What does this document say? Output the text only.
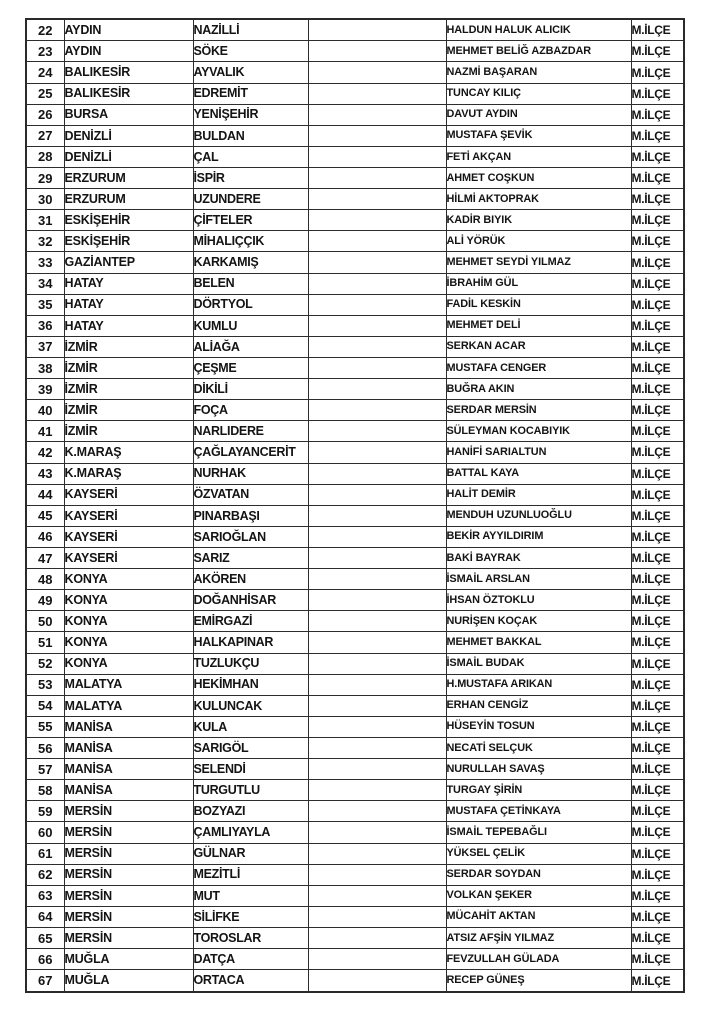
22	AYDIN	NAZİLLİ		HALDUN HALUK ALICIK	M.İLÇE
23	AYDIN	SÖKE		MEHMET BELİĞ AZBAZDAR	M.İLÇE
24	BALIKESİR	AYVALIK		NAZMİ BAŞARAN	M.İLÇE
25	BALIKESİR	EDREMİT		TUNCAY KILIÇ	M.İLÇE
26	BURSA	YENİŞEHİR		DAVUT AYDIN	M.İLÇE
27	DENİZLİ	BULDAN		MUSTAFA ŞEVİK	M.İLÇE
28	DENİZLİ	ÇAL		FETİ AKÇAN	M.İLÇE
29	ERZURUM	İSPİR		AHMET COŞKUN	M.İLÇE
30	ERZURUM	UZUNDERE		HİLMİ AKTOPRAK	M.İLÇE
31	ESKİŞEHİR	ÇİFTELER		KADİR BIYIK	M.İLÇE
32	ESKİŞEHİR	MİHALIÇÇIK		ALİ YÖRÜK	M.İLÇE
33	GAZİANTEP	KARKAMIŞ		MEHMET SEYDİ YILMAZ	M.İLÇE
34	HATAY	BELEN		İBRAHİM GÜL	M.İLÇE
35	HATAY	DÖRTYOL		FADİL KESKİN	M.İLÇE
36	HATAY	KUMLU		MEHMET DELİ	M.İLÇE
37	İZMİR	ALİAĞA		SERKAN ACAR	M.İLÇE
38	İZMİR	ÇEŞME		MUSTAFA CENGER	M.İLÇE
39	İZMİR	DİKİLİ		BUĞRA AKIN	M.İLÇE
40	İZMİR	FOÇA		SERDAR MERSİN	M.İLÇE
41	İZMİR	NARLIDERE		SÜLEYMAN KOCABIYIK	M.İLÇE
42	K.MARAŞ	ÇAĞLAYANCERİT		HANİFİ SARIALTUN	M.İLÇE
43	K.MARAŞ	NURHAK		BATTAL KAYA	M.İLÇE
44	KAYSERİ	ÖZVATAN		HALİT DEMİR	M.İLÇE
45	KAYSERİ	PINARBAŞI		MENDUH UZUNLUOĞLU	M.İLÇE
46	KAYSERİ	SARIOĞLAN		BEKİR AYYILDIRIM	M.İLÇE
47	KAYSERİ	SARIZ		BAKİ BAYRAK	M.İLÇE
48	KONYA	AKÖREN		İSMAİL ARSLAN	M.İLÇE
49	KONYA	DOĞANHİSAR		İHSAN ÖZTOKLU	M.İLÇE
50	KONYA	EMİRGAZİ		NURİŞEN KOÇAK	M.İLÇE
51	KONYA	HALKAPINAR		MEHMET BAKKAL	M.İLÇE
52	KONYA	TUZLUKÇU		İSMAİL BUDAK	M.İLÇE
53	MALATYA	HEKİMHAN		H.MUSTAFA ARIKAN	M.İLÇE
54	MALATYA	KULUNCAK		ERHAN CENGİZ	M.İLÇE
55	MANİSA	KULA		HÜSEYİN TOSUN	M.İLÇE
56	MANİSA	SARIGÖL		NECATİ SELÇUK	M.İLÇE
57	MANİSA	SELENDİ		NURULLAH SAVAŞ	M.İLÇE
58	MANİSA	TURGUTLU		TURGAY ŞİRİN	M.İLÇE
59	MERSİN	BOZYAZI		MUSTAFA ÇETİNKAYA	M.İLÇE
60	MERSİN	ÇAMLIYAYLA		İSMAİL TEPEBAĞLI	M.İLÇE
61	MERSİN	GÜLNAR		YÜKSEL ÇELİK	M.İLÇE
62	MERSİN	MEZİTLİ		SERDAR SOYDAN	M.İLÇE
63	MERSİN	MUT		VOLKAN ŞEKER	M.İLÇE
64	MERSİN	SİLİFKE		MÜCAHİT AKTAN	M.İLÇE
65	MERSİN	TOROSLAR		ATSIZ AFŞİN YILMAZ	M.İLÇE
66	MUĞLA	DATÇA		FEVZULLAH GÜLADA	M.İLÇE
67	MUĞLA	ORTACA		RECEP GÜNEŞ	M.İLÇE
